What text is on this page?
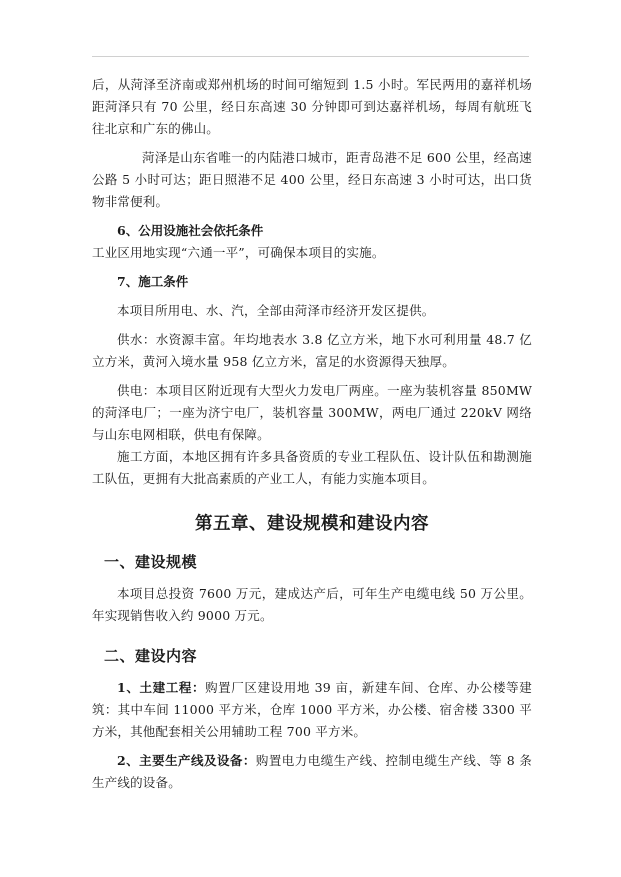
后，从菏泽至济南或郑州机场的时间可缩短到 1.5 小时。军民两用的嘉祥机场距菏泽只有 70 公里，经日东高速 30 分钟即可到达嘉祥机场，每周有航班飞往北京和广东的佛山。

菏泽是山东省唯一的内陆港口城市，距青岛港不足 600 公里，经高速公路 5 小时可达；距日照港不足 400 公里，经日东高速 3 小时可达，出口货物非常便利。

6、公用设施社会依托条件

工业区用地实现“六通一平”，可确保本项目的实施。

7、施工条件

本项目所用电、水、汽，全部由菏泽市经济开发区提供。

供水：水资源丰富。年均地表水 3.8 亿立方米，地下水可利用量 48.7 亿立方米，黄河入境水量 958 亿立方米，富足的水资源得天独厚。

供电：本项目区附近现有大型火力发电厂两座。一座为装机容量 850MW 的菏泽电厂；一座为济宁电厂，装机容量 300MW，两电厂通过 220kV 网络与山东电网相联，供电有保障。

施工方面，本地区拥有许多具备资质的专业工程队伍、设计队伍和勘测施工队伍，更拥有大批高素质的产业工人，有能力实施本项目。

第五章、建设规模和建设内容
一、建设规模

本项目总投资 7600 万元，建成达产后，可年生产电缆电线 50 万公里。年实现销售收入约 9000 万元。

二、建设内容

1、土建工程：购置厂区建设用地 39 亩，新建车间、仓库、办公楼等建筑：其中车间 11000 平方米，仓库 1000 平方米，办公楼、宿舍楼 3300 平方米，其他配套相关公用辅助工程 700 平方米。

2、主要生产线及设备：购置电力电缆生产线、控制电缆生产线、等 8 条生产线的设备。
